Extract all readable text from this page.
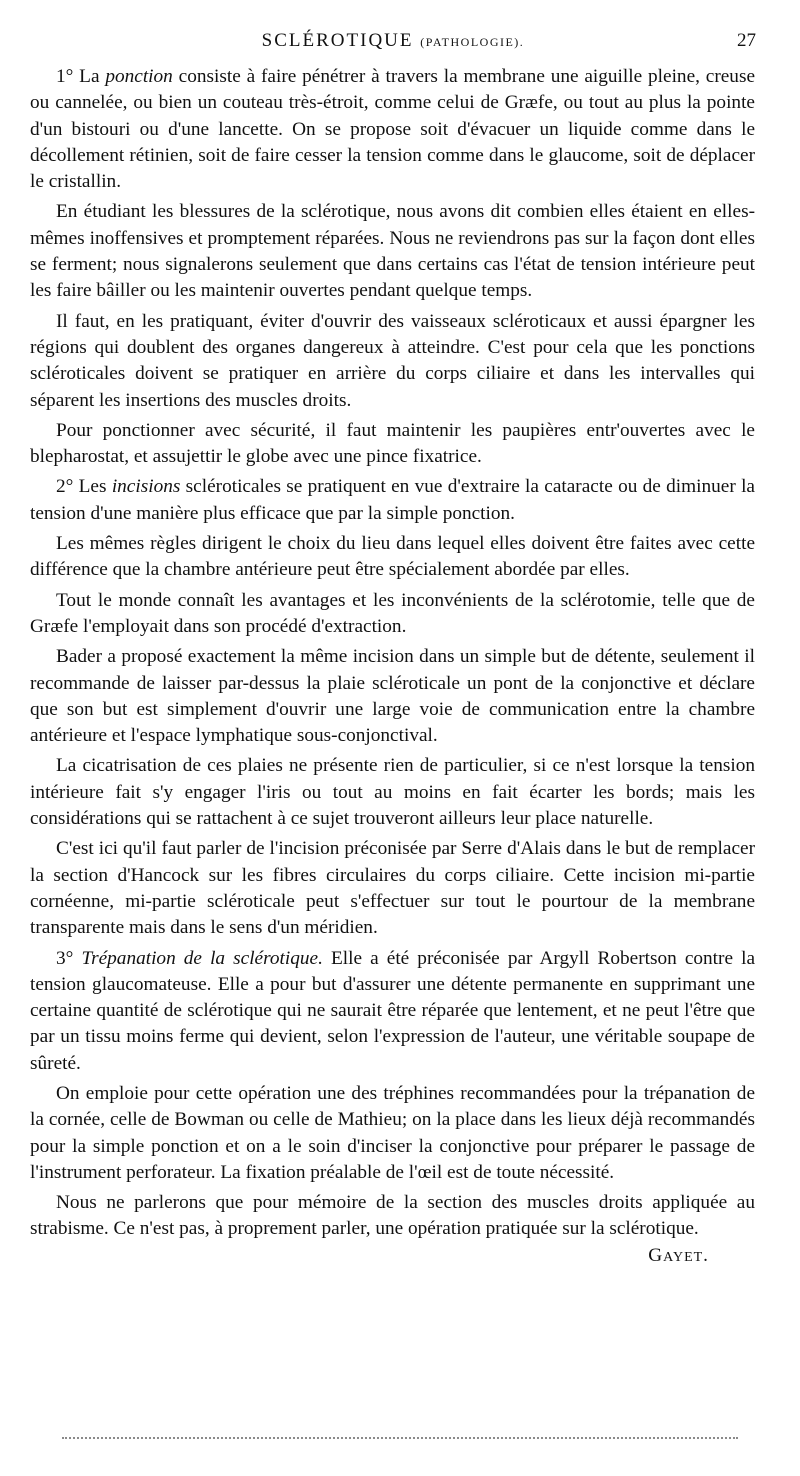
SCLÉROTIQUE (PATHOLOGIE).	27

1° La ponction consiste à faire pénétrer à travers la membrane une aiguille pleine, creuse ou cannelée, ou bien un couteau très-étroit, comme celui de Græfe, ou tout au plus la pointe d'un bistouri ou d'une lancette. On se propose soit d'évacuer un liquide comme dans le décollement rétinien, soit de faire cesser la tension comme dans le glaucome, soit de déplacer le cristallin.

En étudiant les blessures de la sclérotique, nous avons dit combien elles étaient en elles-mêmes inoffensives et promptement réparées. Nous ne reviendrons pas sur la façon dont elles se ferment; nous signalerons seulement que dans certains cas l'état de tension intérieure peut les faire bâiller ou les maintenir ouvertes pendant quelque temps.

Il faut, en les pratiquant, éviter d'ouvrir des vaisseaux scléroticaux et aussi épargner les régions qui doublent des organes dangereux à atteindre. C'est pour cela que les ponctions scléroticales doivent se pratiquer en arrière du corps ciliaire et dans les intervalles qui séparent les insertions des muscles droits.

Pour ponctionner avec sécurité, il faut maintenir les paupières entr'ouvertes avec le blepharostat, et assujettir le globe avec une pince fixatrice.

2° Les incisions scléroticales se pratiquent en vue d'extraire la cataracte ou de diminuer la tension d'une manière plus efficace que par la simple ponction.

Les mêmes règles dirigent le choix du lieu dans lequel elles doivent être faites avec cette différence que la chambre antérieure peut être spécialement abordée par elles.

Tout le monde connaît les avantages et les inconvénients de la sclérotomie, telle que de Græfe l'employait dans son procédé d'extraction.

Bader a proposé exactement la même incision dans un simple but de détente, seulement il recommande de laisser par-dessus la plaie scléroticale un pont de la conjonctive et déclare que son but est simplement d'ouvrir une large voie de communication entre la chambre antérieure et l'espace lymphatique sous-conjonctival.

La cicatrisation de ces plaies ne présente rien de particulier, si ce n'est lorsque la tension intérieure fait s'y engager l'iris ou tout au moins en fait écarter les bords; mais les considérations qui se rattachent à ce sujet trouveront ailleurs leur place naturelle.

C'est ici qu'il faut parler de l'incision préconisée par Serre d'Alais dans le but de remplacer la section d'Hancock sur les fibres circulaires du corps ciliaire. Cette incision mi-partie cornéenne, mi-partie scléroticale peut s'effectuer sur tout le pourtour de la membrane transparente mais dans le sens d'un méridien.

3° Trépanation de la sclérotique. Elle a été préconisée par Argyll Robertson contre la tension glaucomateuse. Elle a pour but d'assurer une détente permanente en supprimant une certaine quantité de sclérotique qui ne saurait être réparée que lentement, et ne peut l'être que par un tissu moins ferme qui devient, selon l'expression de l'auteur, une véritable soupape de sûreté.

On emploie pour cette opération une des tréphines recommandées pour la trépanation de la cornée, celle de Bowman ou celle de Mathieu; on la place dans les lieux déjà recommandés pour la simple ponction et on a le soin d'inciser la conjonctive pour préparer le passage de l'instrument perforateur. La fixation préalable de l'œil est de toute nécessité.

Nous ne parlerons que pour mémoire de la section des muscles droits appliquée au strabisme. Ce n'est pas, à proprement parler, une opération pratiquée sur la sclérotique.
Gayet.
